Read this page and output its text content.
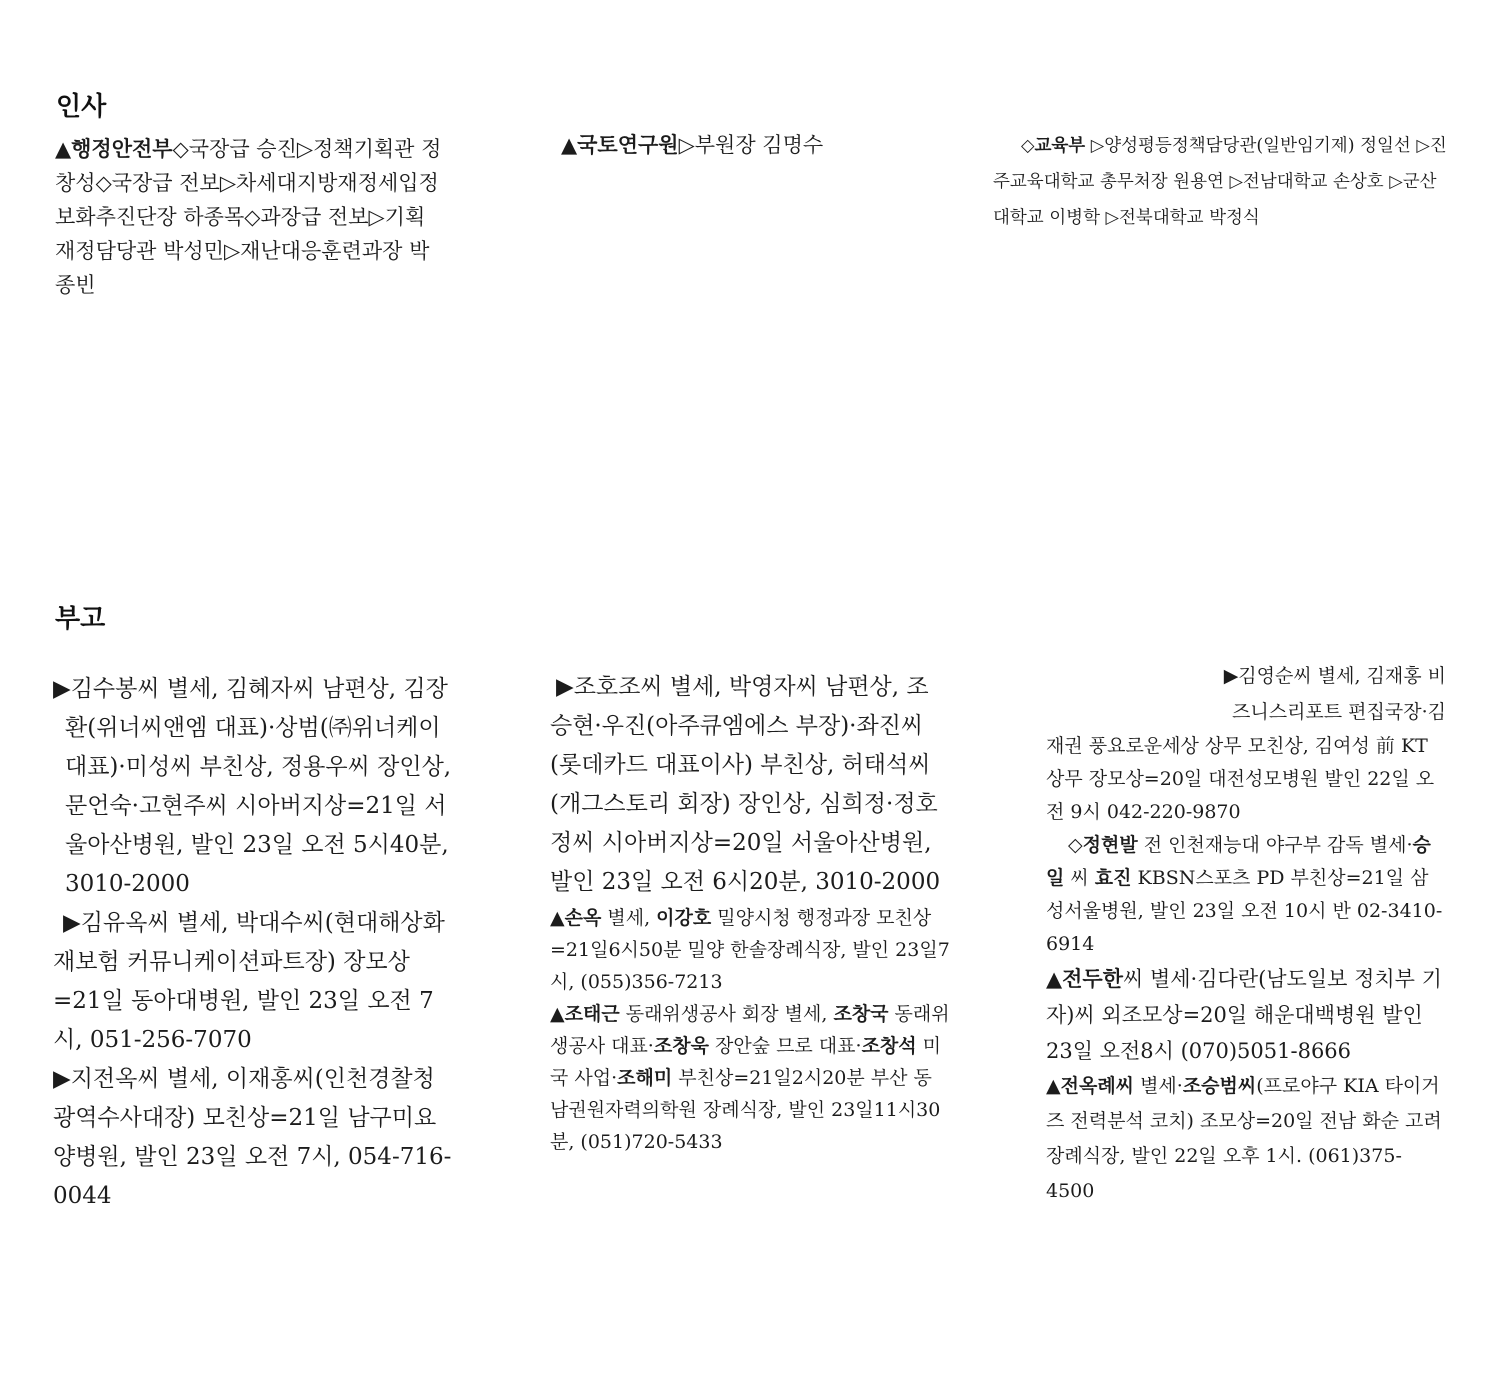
인사

▲행정안전부◇국장급 승진▷정책기획관 정창성◇국장급 전보▷차세대지방재정세입정보화추진단장 하종목◇과장급 전보▷기획재정담당관 박성민▷재난대응훈련과장 박종빈

▲국토연구원▷부원장 김명수	◇교육부 ▷양성평등정책담당관(일반임기제) 정일선 ▷진주교육대학교 총무처장 원용연 ▷전남대학교 손상호 ▷군산대학교 이병학 ▷전북대학교 박정식

부고

▶김수봉씨 별세, 김혜자씨 남편상, 김장환(위너씨앤엠 대표)·상범(㈜위너케이 대표)·미성씨 부친상, 정용우씨 장인상, 문언숙·고현주씨 시아버지상=21일 서울아산병원, 발인 23일 오전 5시40분, 3010-2000

▶김유옥씨 별세, 박대수씨(현대해상화재보험 커뮤니케이션파트장) 장모상=21일 동아대병원, 발인 23일 오전 7시, 051-256-7070

▶지전옥씨 별세, 이재홍씨(인천경찰청 광역수사대장) 모친상=21일 남구미요양병원, 발인 23일 오전 7시, 054-716-0044

▶조호조씨 별세, 박영자씨 남편상, 조승현·우진(아주큐엠에스 부장)·좌진씨(롯데카드 대표이사) 부친상, 허태석씨(개그스토리 회장) 장인상, 심희정·정호정씨 시아버지상=20일 서울아산병원, 발인 23일 오전 6시20분, 3010-2000

▲손옥 별세, 이강호 밀양시청 행정과장 모친상=21일6시50분 밀양 한솔장례식장, 발인 23일7시, (055)356-7213

▲조태근 동래위생공사 회장 별세, 조창국 동래위생공사 대표·조창욱 장안숲 므로 대표·조창석 미국 사업·조해미 부친상=21일2시20분 부산 동남권원자력의학원 장례식장, 발인 23일11시30분, (051)720-5433

▶김영순씨 별세, 김재홍 비즈니스리포트 편집국장·김

재권 풍요로운세상 상무 모친상, 김여성 前 KT 상무 장모상=20일 대전성모병원 발인 22일 오전 9시 042-220-9870

◇정현발 전 인천재능대 야구부 감독 별세·승일 씨 효진 KBSN스포츠 PD 부친상=21일 삼성서울병원, 발인 23일 오전 10시 반 02-3410-6914

▲전두한씨 별세·김다란(남도일보 정치부 기자)씨 외조모상=20일 해운대백병원 발인 23일 오전8시 (070)5051-8666

▲전옥례씨 별세·조승범씨(프로야구 KIA 타이거즈 전력분석 코치) 조모상=20일 전남 화순 고려장례식장, 발인 22일 오후 1시. (061)375-4500
